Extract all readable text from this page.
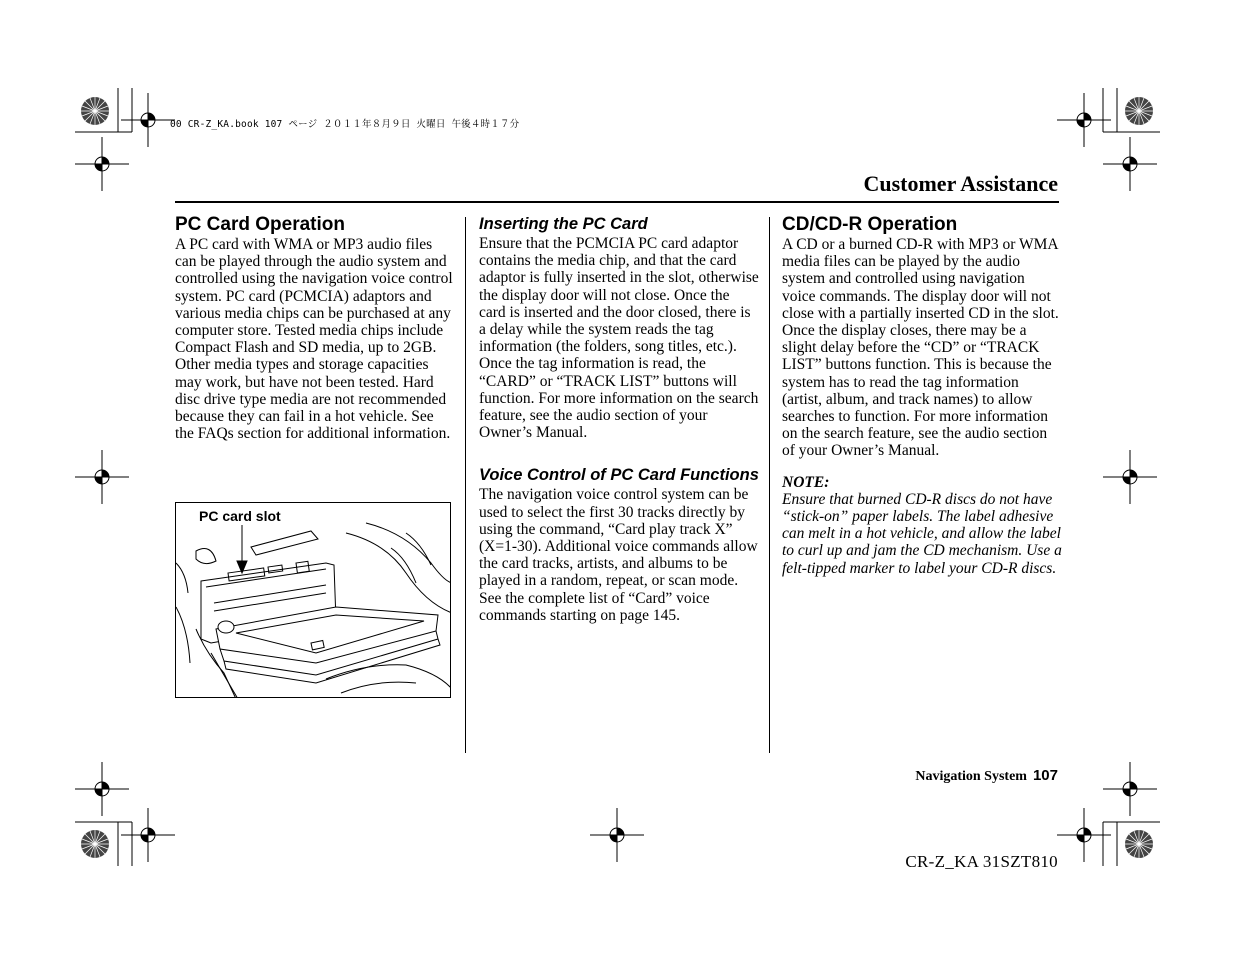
00 CR-Z_KA.book 107 ページ ２０１１年８月９日 火曜日 午後４時１７分
Customer Assistance
PC Card Operation

A PC card with WMA or MP3 audio files can be played through the audio system and controlled using the navigation voice control system. PC card (PCMCIA) adaptors and various media chips can be purchased at any computer store. Tested media chips include Compact Flash and SD media, up to 2GB. Other media types and storage capacities may work, but have not been tested. Hard disc drive type media are not recommended because they can fail in a hot vehicle. See the FAQs section for additional information.

PC card slot
Inserting the PC Card

Ensure that the PCMCIA PC card adaptor contains the media chip, and that the card adaptor is fully inserted in the slot, otherwise the display door will not close. Once the card is inserted and the door closed, there is a delay while the system reads the tag information (the folders, song titles, etc.). Once the tag information is read, the “CARD” or “TRACK LIST” buttons will function. For more information on the search feature, see the audio section of your Owner’s Manual.

Voice Control of PC Card Functions

The navigation voice control system can be used to select the first 30 tracks directly by using the command, “Card play track X” (X=1-30). Additional voice commands allow the card tracks, artists, and albums to be played in a random, repeat, or scan mode. See the complete list of “Card” voice commands starting on page 145.

CD/CD-R Operation

A CD or a burned CD-R with MP3 or WMA media files can be played by the audio system and controlled using navigation voice commands. The display door will not close with a partially inserted CD in the slot. Once the display closes, there may be a slight delay before the “CD” or “TRACK LIST” buttons function. This is because the system has to read the tag information (artist, album, and track names) to allow searches to function. For more information on the search feature, see the audio section of your Owner’s Manual.

NOTE:

Ensure that burned CD-R discs do not have “stick-on” paper labels. The label adhesive can melt in a hot vehicle, and allow the label to curl up and jam the CD mechanism. Use a felt-tipped marker to label your CD-R discs.

Navigation System 107
CR-Z_KA 31SZT810
